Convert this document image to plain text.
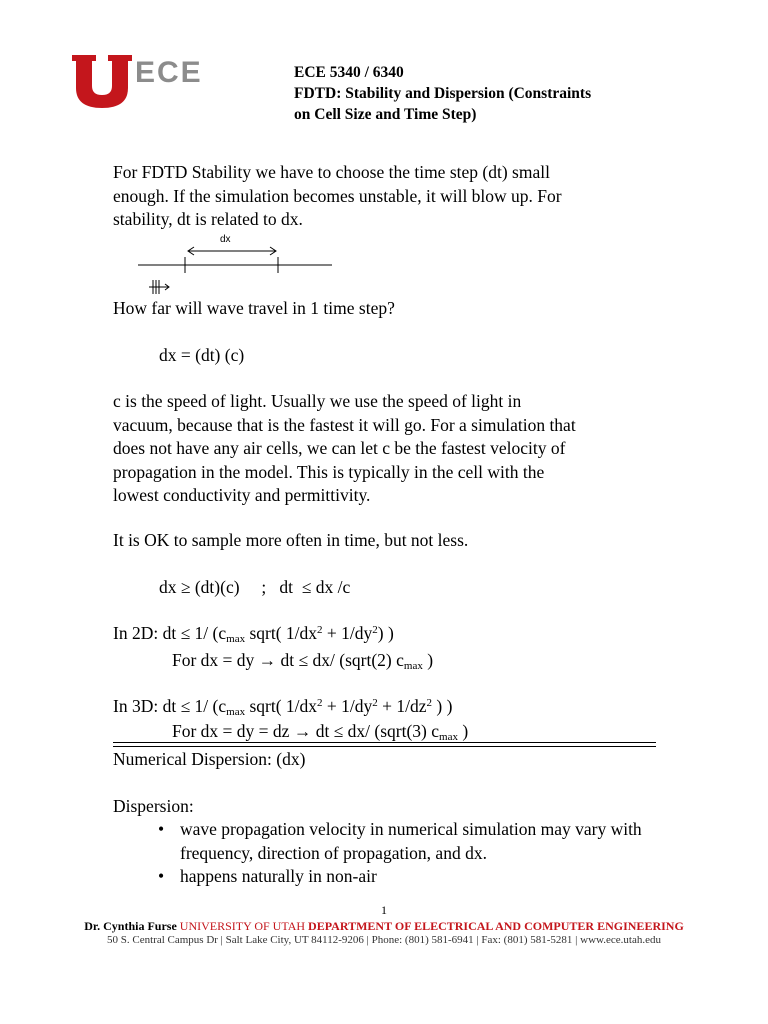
ECE	ECE 5340 / 6340
FDTD: Stability and Dispersion (Constraints
on Cell Size and Time Step)
For FDTD Stability we have to choose the time step (dt) small
enough. If the simulation becomes unstable, it will blow up. For
stability, dt is related to dx.
dx
How far will wave travel in 1 time step?
dx = (dt) (c)
c is the speed of light. Usually we use the speed of light in
vacuum, because that is the fastest it will go. For a simulation that
does not have any air cells, we can let c be the fastest velocity of
propagation in the model. This is typically in the cell with the
lowest conductivity and permittivity.
It is OK to sample more often in time, but not less.
dx ≥ (dt)(c)     ;   dt  ≤ dx /c
In 2D: dt ≤ 1/ ($c_{max}$ sqrt( $1/dx^2 + 1/dy^2$) )
For dx = dy → dt ≤ dx/ (sqrt(2) $c_{max}$ )
In 3D: dt ≤ 1/ ($c_{max}$ sqrt( $1/dx^2 + 1/dy^2 + 1/dz^2$ ) )
For dx = dy = dz → dt ≤ dx/ (sqrt(3) $c_{max}$ )
Numerical Dispersion: (dx)
Dispersion:
• wave propagation velocity in numerical simulation may vary with frequency, direction of propagation, and dx.
• happens naturally in non-air
1
Dr. Cynthia Furse UNIVERSITY OF UTAH DEPARTMENT OF ELECTRICAL AND COMPUTER ENGINEERING
50 S. Central Campus Dr | Salt Lake City, UT 84112-9206 | Phone: (801) 581-6941 | Fax: (801) 581-5281 | www.ece.utah.edu
